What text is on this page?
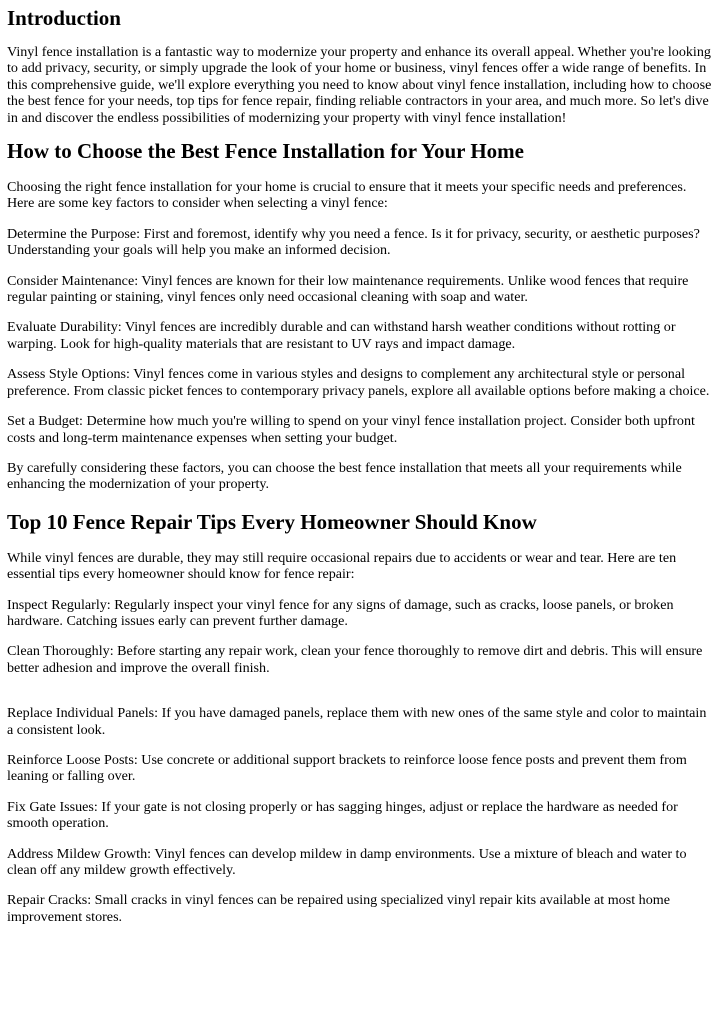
Introduction

Vinyl fence installation is a fantastic way to modernize your property and enhance its overall appeal. Whether you're looking to add privacy, security, or simply upgrade the look of your home or business, vinyl fences offer a wide range of benefits. In this comprehensive guide, we'll explore everything you need to know about vinyl fence installation, including how to choose the best fence for your needs, top tips for fence repair, finding reliable contractors in your area, and much more. So let's dive in and discover the endless possibilities of modernizing your property with vinyl fence installation!

How to Choose the Best Fence Installation for Your Home

Choosing the right fence installation for your home is crucial to ensure that it meets your specific needs and preferences. Here are some key factors to consider when selecting a vinyl fence:

Determine the Purpose: First and foremost, identify why you need a fence. Is it for privacy, security, or aesthetic purposes? Understanding your goals will help you make an informed decision.

Consider Maintenance: Vinyl fences are known for their low maintenance requirements. Unlike wood fences that require regular painting or staining, vinyl fences only need occasional cleaning with soap and water.

Evaluate Durability: Vinyl fences are incredibly durable and can withstand harsh weather conditions without rotting or warping. Look for high-quality materials that are resistant to UV rays and impact damage.

Assess Style Options: Vinyl fences come in various styles and designs to complement any architectural style or personal preference. From classic picket fences to contemporary privacy panels, explore all available options before making a choice.

Set a Budget: Determine how much you're willing to spend on your vinyl fence installation project. Consider both upfront costs and long-term maintenance expenses when setting your budget.

By carefully considering these factors, you can choose the best fence installation that meets all your requirements while enhancing the modernization of your property.

Top 10 Fence Repair Tips Every Homeowner Should Know

While vinyl fences are durable, they may still require occasional repairs due to accidents or wear and tear. Here are ten essential tips every homeowner should know for fence repair:

Inspect Regularly: Regularly inspect your vinyl fence for any signs of damage, such as cracks, loose panels, or broken hardware. Catching issues early can prevent further damage.

Clean Thoroughly: Before starting any repair work, clean your fence thoroughly to remove dirt and debris. This will ensure better adhesion and improve the overall finish.

Replace Individual Panels: If you have damaged panels, replace them with new ones of the same style and color to maintain a consistent look.

Reinforce Loose Posts: Use concrete or additional support brackets to reinforce loose fence posts and prevent them from leaning or falling over.

Fix Gate Issues: If your gate is not closing properly or has sagging hinges, adjust or replace the hardware as needed for smooth operation.

Address Mildew Growth: Vinyl fences can develop mildew in damp environments. Use a mixture of bleach and water to clean off any mildew growth effectively.

Repair Cracks: Small cracks in vinyl fences can be repaired using specialized vinyl repair kits available at most home improvement stores.
